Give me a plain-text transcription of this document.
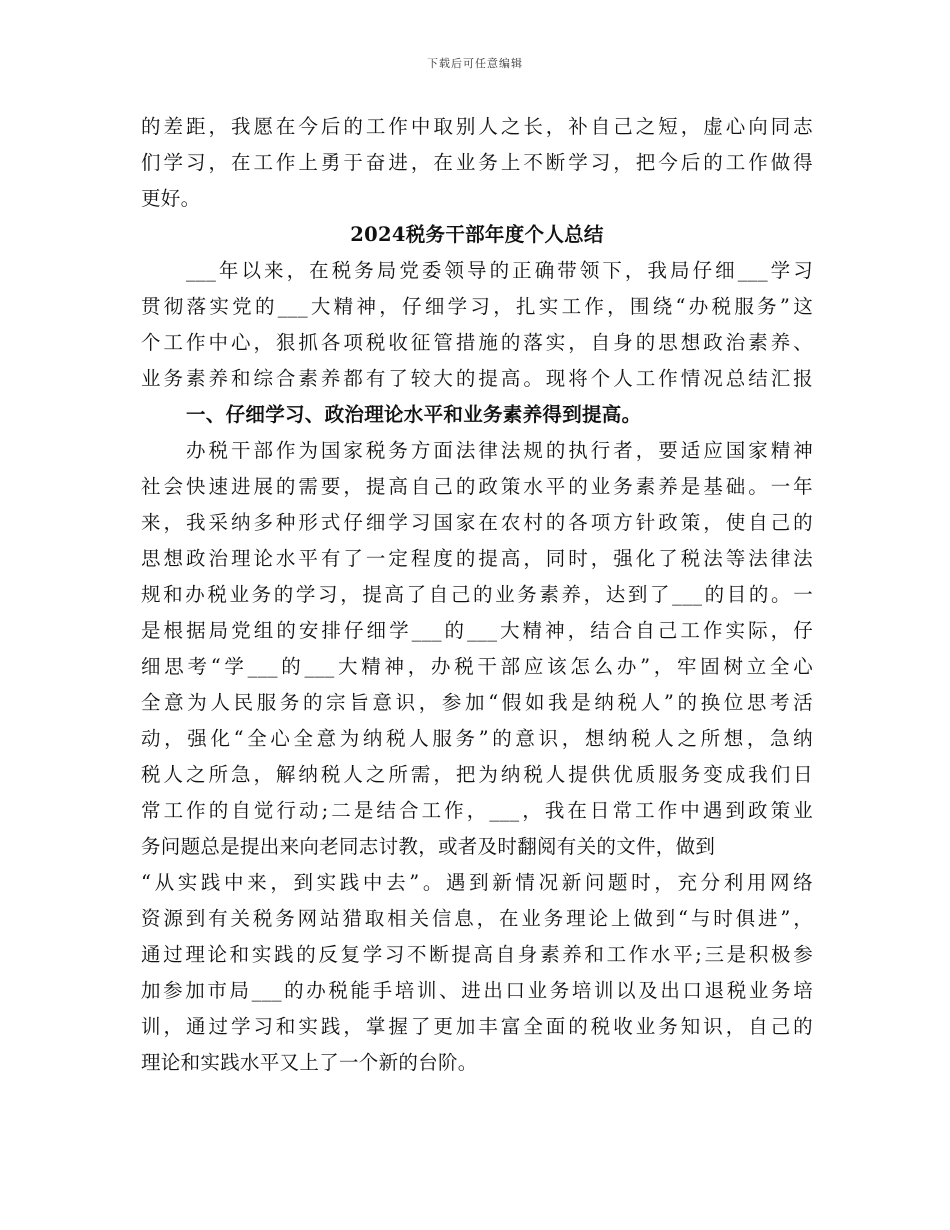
下载后可任意编辑
的差距，我愿在今后的工作中取别人之长，补自己之短，虚心向同志
们学习，在工作上勇于奋进，在业务上不断学习，把今后的工作做得
更好。
2024税务干部年度个人总结
___年以来，在税务局党委领导的正确带领下，我局仔细___学习
贯彻落实党的___大精神，仔细学习，扎实工作，围绕“办税服务”这
个工作中心，狠抓各项税收征管措施的落实，自身的思想政治素养、
业务素养和综合素养都有了较大的提高。现将个人工作情况总结汇报
一、仔细学习、政治理论水平和业务素养得到提高。
办税干部作为国家税务方面法律法规的执行者，要适应国家精神
社会快速进展的需要，提高自己的政策水平的业务素养是基础。一年
来，我采纳多种形式仔细学习国家在农村的各项方针政策，使自己的
思想政治理论水平有了一定程度的提高，同时，强化了税法等法律法
规和办税业务的学习，提高了自己的业务素养，达到了___的目的。一
是根据局党组的安排仔细学___的___大精神，结合自己工作实际，仔
细思考“学___的___大精神，办税干部应该怎么办”，牢固树立全心
全意为人民服务的宗旨意识，参加“假如我是纳税人”的换位思考活
动，强化“全心全意为纳税人服务”的意识，想纳税人之所想，急纳
税人之所急，解纳税人之所需，把为纳税人提供优质服务变成我们日
常工作的自觉行动;二是结合工作，___，我在日常工作中遇到政策业
务问题总是提出来向老同志讨教，或者及时翻阅有关的文件，做到
“从实践中来，到实践中去”。遇到新情况新问题时，充分利用网络
资源到有关税务网站猎取相关信息，在业务理论上做到“与时俱进”，
通过理论和实践的反复学习不断提高自身素养和工作水平;三是积极参
加参加市局___的办税能手培训、进出口业务培训以及出口退税业务培
训，通过学习和实践，掌握了更加丰富全面的税收业务知识，自己的
理论和实践水平又上了一个新的台阶。
